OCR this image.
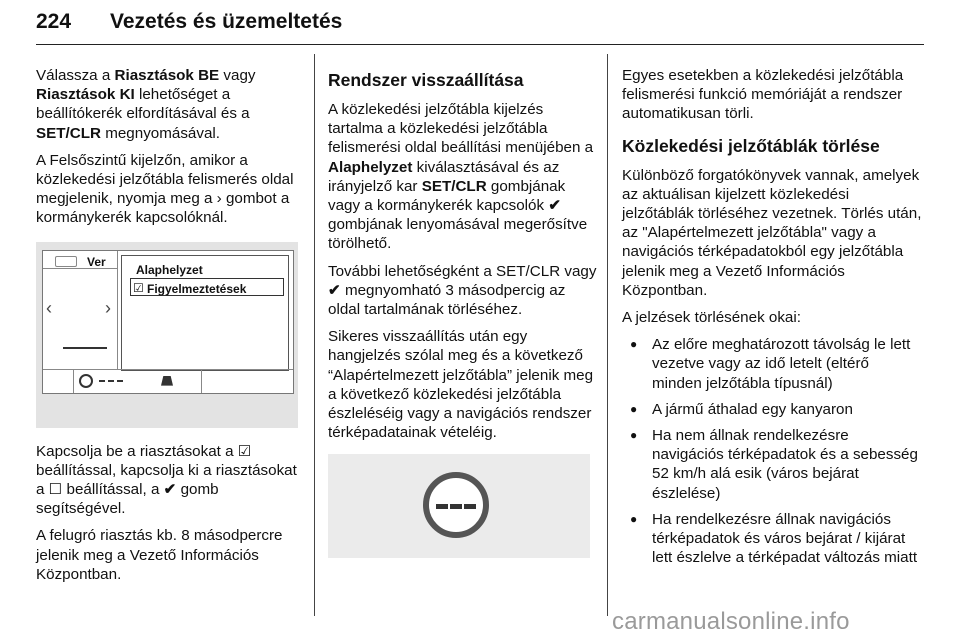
224 Vezetés és üzemeltetés

Válassza a Riasztások BE vagy Riasztások KI lehetőséget a beállítókerék elfordításával és a SET/CLR megnyomásával.

A Felsőszintű kijelzőn, amikor a közlekedési jelzőtábla felismerés oldal megjelenik, nyomja meg a › gombot a kormánykerék kapcsolóknál.

Ver
‹	›
Alaphelyzet
☑ Figyelmeztetések

Kapcsolja be a riasztásokat a ☑ beállítással, kapcsolja ki a riasztásokat a ☐ beállítással, a ✔ gomb segítségével.

A felugró riasztás kb. 8 másodpercre jelenik meg a Vezető Információs Központban.

Rendszer visszaállítása

A közlekedési jelzőtábla kijelzés tartalma a közlekedési jelzőtábla felismerési oldal beállítási menüjében a Alaphelyzet kiválasztásával és az irányjelző kar SET/CLR gombjának vagy a kormánykerék kapcsolók ✔ gombjának lenyomásával megerősítve törölhető.

További lehetőségként a SET/CLR vagy ✔ megnyomható 3 másodpercig az oldal tartalmának törléséhez.

Sikeres visszaállítás után egy hangjelzés szólal meg és a következő “Alapértelmezett jelzőtábla” jelenik meg a következő közlekedési jelzőtábla észleléséig vagy a navigációs rendszer térképadatainak vételéig.

Egyes esetekben a közlekedési jelzőtábla felismerési funkció memóriáját a rendszer automatikusan törli.

Közlekedési jelzőtáblák törlése

Különböző forgatókönyvek vannak, amelyek az aktuálisan kijelzett közlekedési jelzőtáblák törléséhez vezetnek. Törlés után, az "Alapértelmezett jelzőtábla" vagy a navigációs térképadatokból egy jelzőtábla jelenik meg a Vezető Információs Központban.

A jelzések törlésének okai:

● Az előre meghatározott távolság le lett vezetve vagy az idő letelt (eltérő minden jelzőtábla típusnál)
● A jármű áthalad egy kanyaron
● Ha nem állnak rendelkezésre navigációs térképadatok és a sebesség 52 km/h alá esik (város bejárat észlelése)
● Ha rendelkezésre állnak navigációs térképadatok és város bejárat / kijárat lett észlelve a térképadat változás miatt
carmanualsonline.info
